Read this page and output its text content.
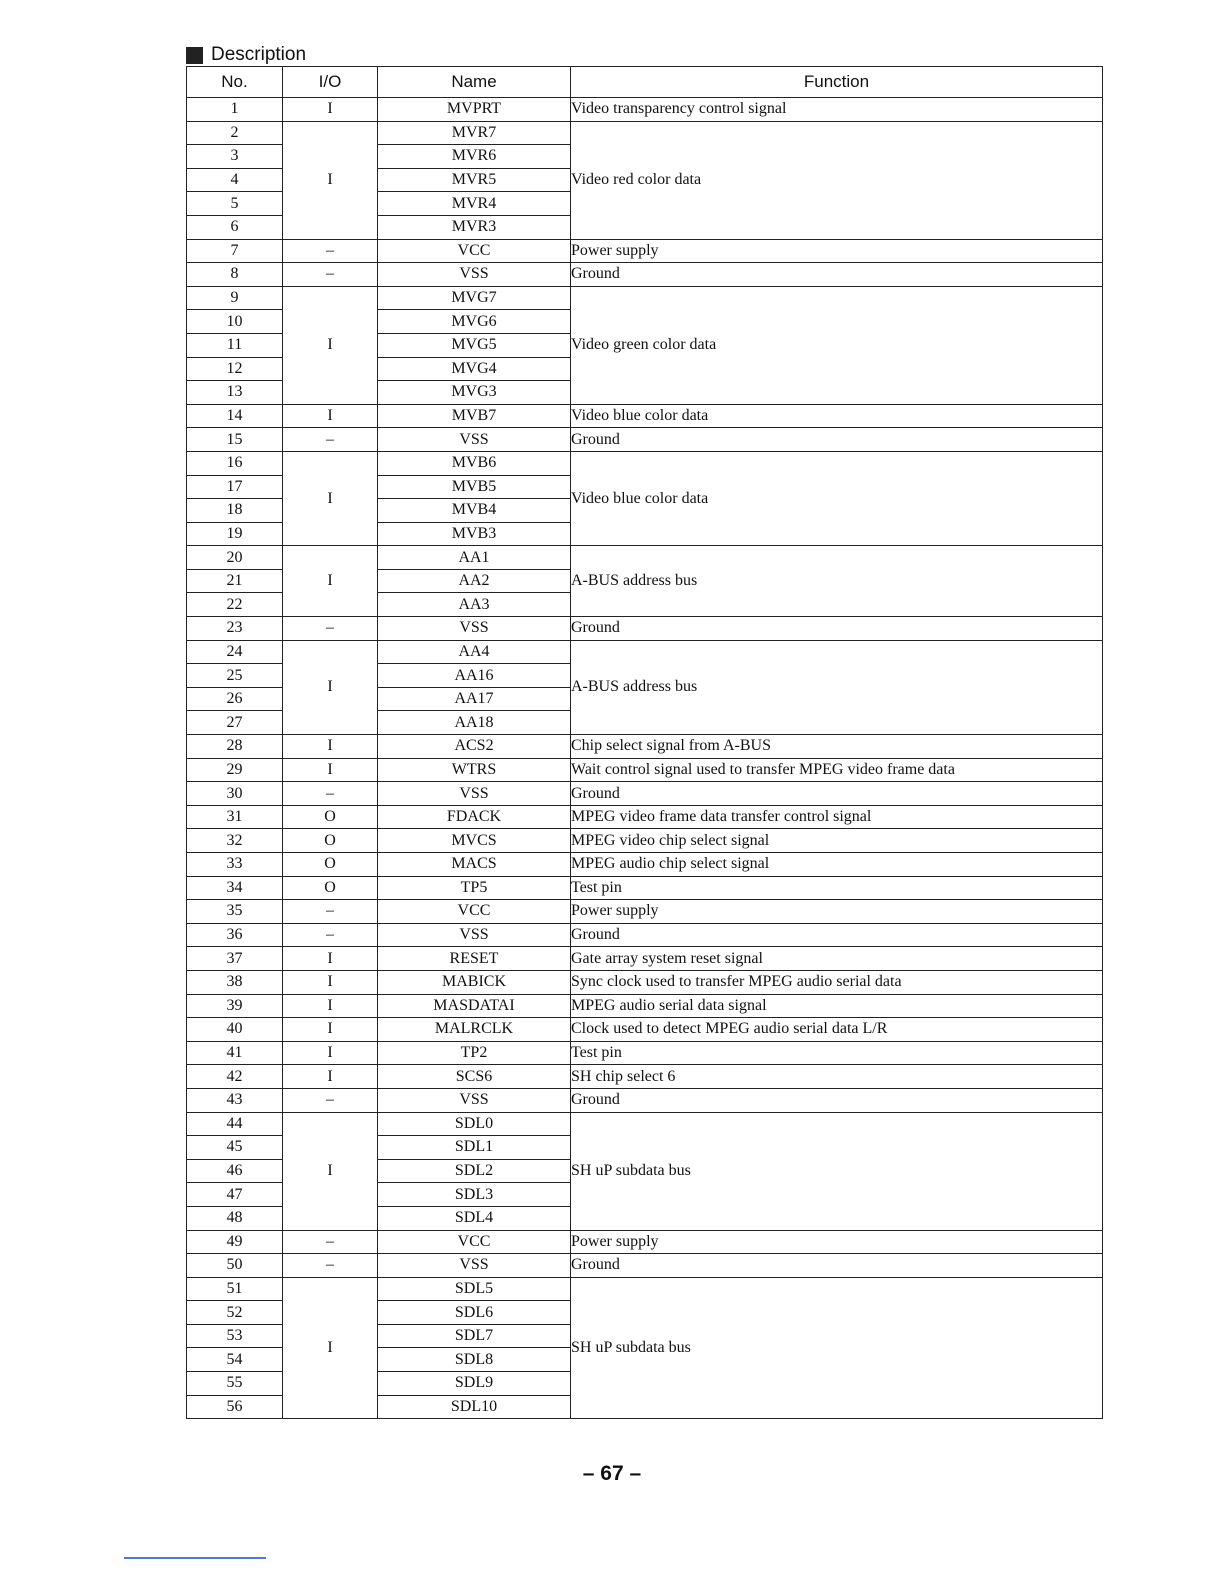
Description
No.	I/O	Name	Function
1	I	MVPRT	Video transparency control signal
2	I	MVR7	Video red color data
3		MVR6	
4		MVR5	
5		MVR4	
6		MVR3	
7	–	VCC	Power supply
8	–	VSS	Ground
9	I	MVG7	Video green color data
10		MVG6	
11		MVG5	
12		MVG4	
13		MVG3	
14	I	MVB7	Video blue color data
15	–	VSS	Ground
16	I	MVB6	Video blue color data
17		MVB5	
18		MVB4	
19		MVB3	
20	I	AA1	A-BUS address bus
21		AA2	
22		AA3	
23	–	VSS	Ground
24	I	AA4	A-BUS address bus
25		AA16	
26		AA17	
27		AA18	
28	I	ACS2	Chip select signal from A-BUS
29	I	WTRS	Wait control signal used to transfer MPEG video frame data
30	–	VSS	Ground
31	O	FDACK	MPEG video frame data transfer control signal
32	O	MVCS	MPEG video chip select signal
33	O	MACS	MPEG audio chip select signal
34	O	TP5	Test pin
35	–	VCC	Power supply
36	–	VSS	Ground
37	I	RESET	Gate array system reset signal
38	I	MABICK	Sync clock used to transfer MPEG audio serial data
39	I	MASDATAI	MPEG audio serial data signal
40	I	MALRCLK	Clock used to detect MPEG audio serial data L/R
41	I	TP2	Test pin
42	I	SCS6	SH chip select 6
43	–	VSS	Ground
44	I	SDL0	SH uP subdata bus
45		SDL1	
46		SDL2	
47		SDL3	
48		SDL4	
49	–	VCC	Power supply
50	–	VSS	Ground
51	I	SDL5	SH uP subdata bus
52		SDL6	
53		SDL7	
54		SDL8	
55		SDL9	
56		SDL10	
– 67 –
